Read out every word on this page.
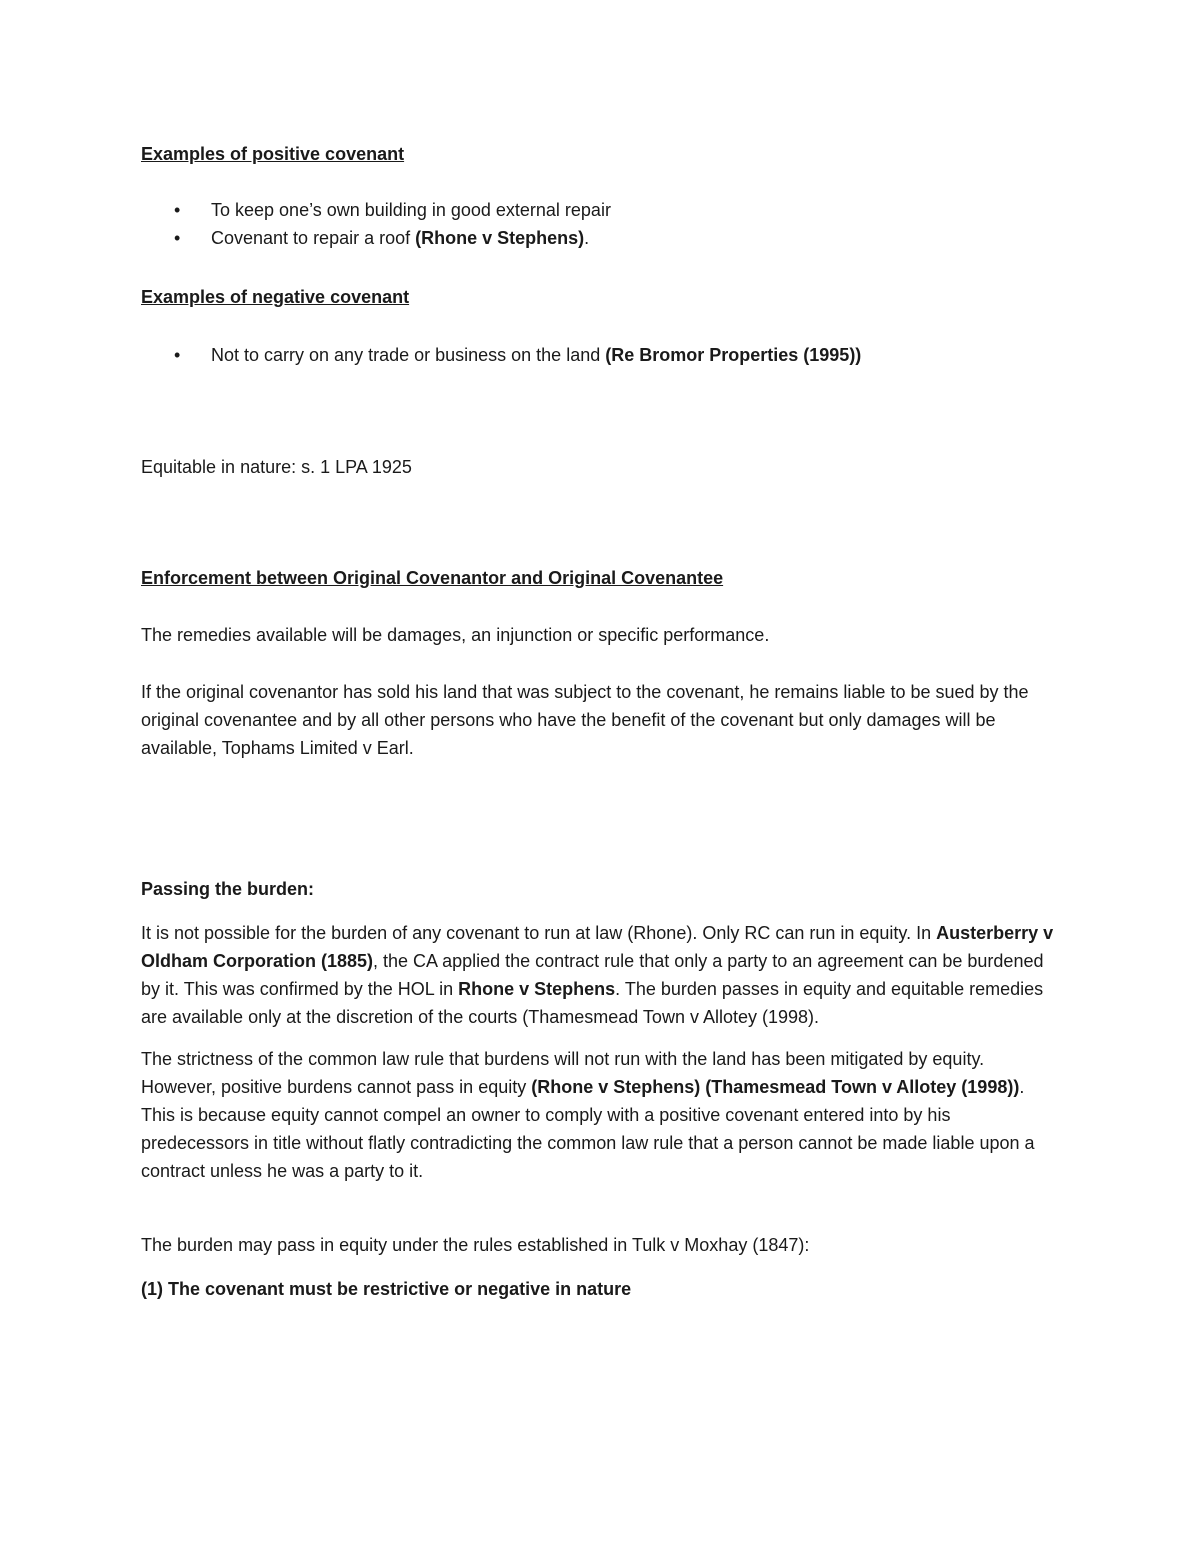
Examples of positive covenant

• To keep one’s own building in good external repair
• Covenant to repair a roof (Rhone v Stephens).

Examples of negative covenant

• Not to carry on any trade or business on the land (Re Bromor Properties (1995))

Equitable in nature: s. 1 LPA 1925

Enforcement between Original Covenantor and Original Covenantee

The remedies available will be damages, an injunction or specific performance.

If the original covenantor has sold his land that was subject to the covenant, he remains liable to be sued by the original covenantee and by all other persons who have the benefit of the covenant but only damages will be available, Tophams Limited v Earl.

Passing the burden:

It is not possible for the burden of any covenant to run at law (Rhone). Only RC can run in equity. In Austerberry v Oldham Corporation (1885), the CA applied the contract rule that only a party to an agreement can be burdened by it. This was confirmed by the HOL in Rhone v Stephens. The burden passes in equity and equitable remedies are available only at the discretion of the courts (Thamesmead Town v Allotey (1998).

The strictness of the common law rule that burdens will not run with the land has been mitigated by equity. However, positive burdens cannot pass in equity (Rhone v Stephens) (Thamesmead Town v Allotey (1998)). This is because equity cannot compel an owner to comply with a positive covenant entered into by his predecessors in title without flatly contradicting the common law rule that a person cannot be made liable upon a contract unless he was a party to it.

The burden may pass in equity under the rules established in Tulk v Moxhay (1847):

(1) The covenant must be restrictive or negative in nature
